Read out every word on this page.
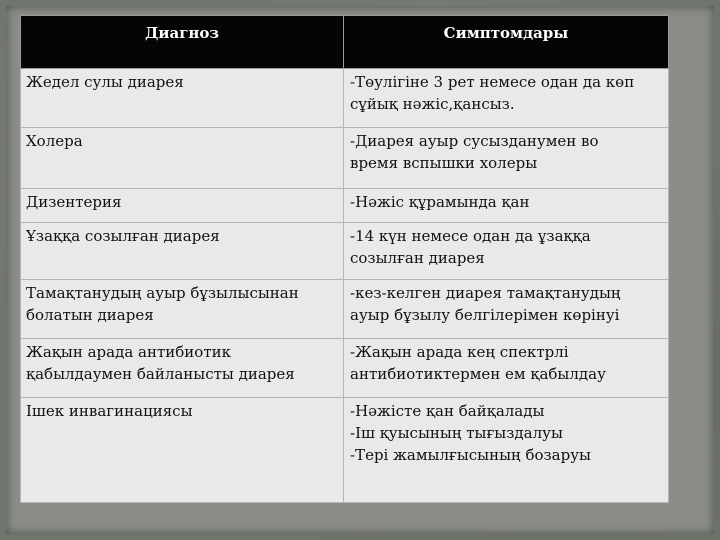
Диагноз	Симптомдары

Жедел сулы диарея	-Төулігіне 3 рет немесе одан да көп
сұйық нәжіс,қансыз.

Холера	-Диарея ауыр сусызданумен во
время вспышки холеры

Дизентерия	-Нәжіс құрамында қан

Ұзаққа созылған диарея	-14 күн немесе одан да ұзаққа
созылған диарея

Тамақтанудың ауыр бұзылысынан
болатын диарея	-кез-келген диарея тамақтанудың
ауыр бұзылу белгілерімен көрінуі

Жақын арада антибиотик
қабылдаумен байланысты диарея	-Жақын арада кең спектрлі
антибиотиктермен ем қабылдау

Ішек инвагинациясы	-Нәжісте қан байқалады
-Іш қуысының тығыздалуы
-Тері жамылғысының бозаруы
